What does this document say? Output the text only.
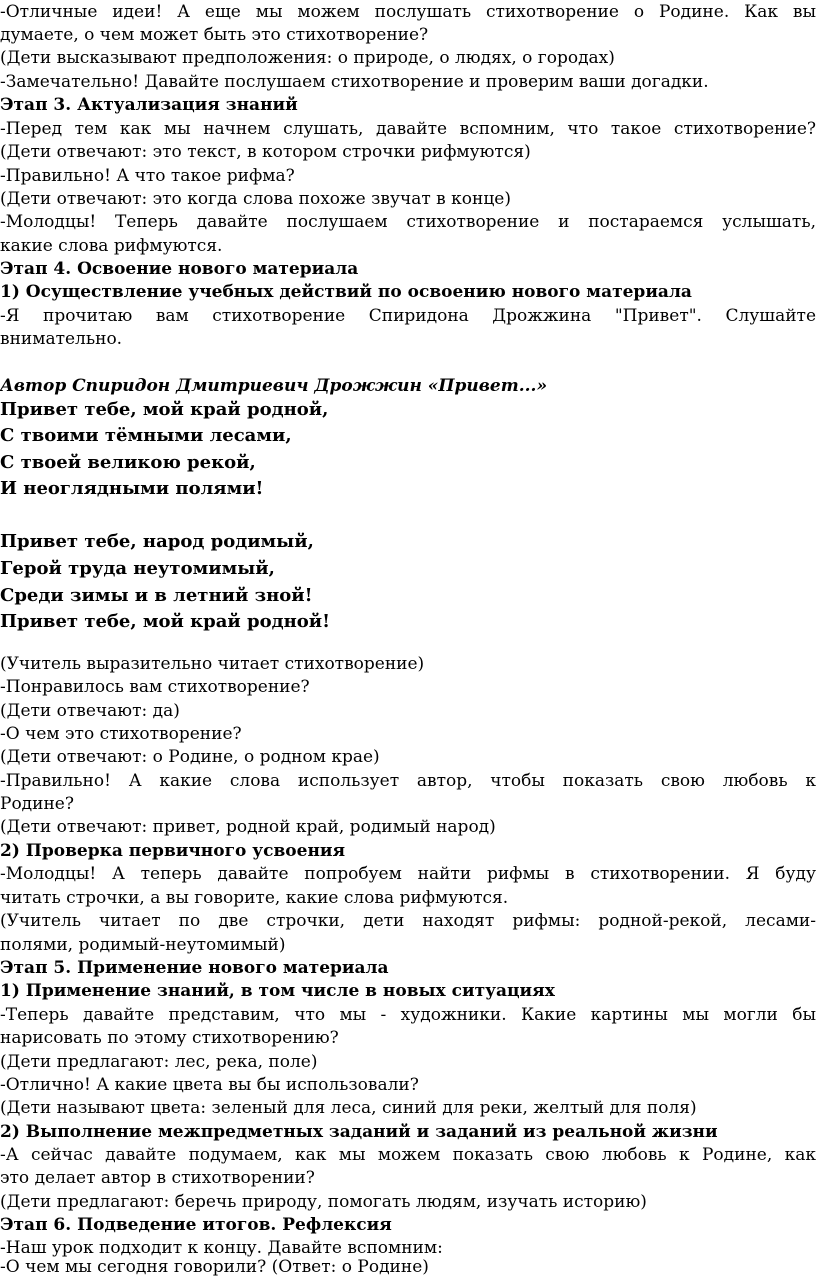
-Отличные идеи! А еще мы можем послушать стихотворение о Родине. Как вы
думаете, о чем может быть это стихотворение?
(Дети высказывают предположения: о природе, о людях, о городах)
-Замечательно! Давайте послушаем стихотворение и проверим ваши догадки.
Этап 3. Актуализация знаний
-Перед тем как мы начнем слушать, давайте вспомним, что такое стихотворение?
(Дети отвечают: это текст, в котором строчки рифмуются)
-Правильно! А что такое рифма?
(Дети отвечают: это когда слова похоже звучат в конце)
-Молодцы! Теперь давайте послушаем стихотворение и постараемся услышать,
какие слова рифмуются.
Этап 4. Освоение нового материала
1) Осуществление учебных действий по освоению нового материала
-Я прочитаю вам стихотворение Спиридона Дрожжина "Привет". Слушайте
внимательно.
Автор Спиридон Дмитриевич Дрожжин «Привет...»
Привет тебе, мой край родной,
С твоими тёмными лесами,
С твоей великою рекой,
И неоглядными полями!
Привет тебе, народ родимый,
Герой труда неутомимый,
Среди зимы и в летний зной!
Привет тебе, мой край родной!
(Учитель выразительно читает стихотворение)
-Понравилось вам стихотворение?
(Дети отвечают: да)
-О чем это стихотворение?
(Дети отвечают: о Родине, о родном крае)
-Правильно! А какие слова использует автор, чтобы показать свою любовь к
Родине?
(Дети отвечают: привет, родной край, родимый народ)
2) Проверка первичного усвоения
-Молодцы! А теперь давайте попробуем найти рифмы в стихотворении. Я буду
читать строчки, а вы говорите, какие слова рифмуются.
(Учитель читает по две строчки, дети находят рифмы: родной-рекой, лесами-
полями, родимый-неутомимый)
Этап 5. Применение нового материала
1) Применение знаний, в том числе в новых ситуациях
-Теперь давайте представим, что мы - художники. Какие картины мы могли бы
нарисовать по этому стихотворению?
(Дети предлагают: лес, река, поле)
-Отлично! А какие цвета вы бы использовали?
(Дети называют цвета: зеленый для леса, синий для реки, желтый для поля)
2) Выполнение межпредметных заданий и заданий из реальной жизни
-А сейчас давайте подумаем, как мы можем показать свою любовь к Родине, как
это делает автор в стихотворении?
(Дети предлагают: беречь природу, помогать людям, изучать историю)
Этап 6. Подведение итогов. Рефлексия
-Наш урок подходит к концу. Давайте вспомним:
-О чем мы сегодня говорили? (Ответ: о Родине)
